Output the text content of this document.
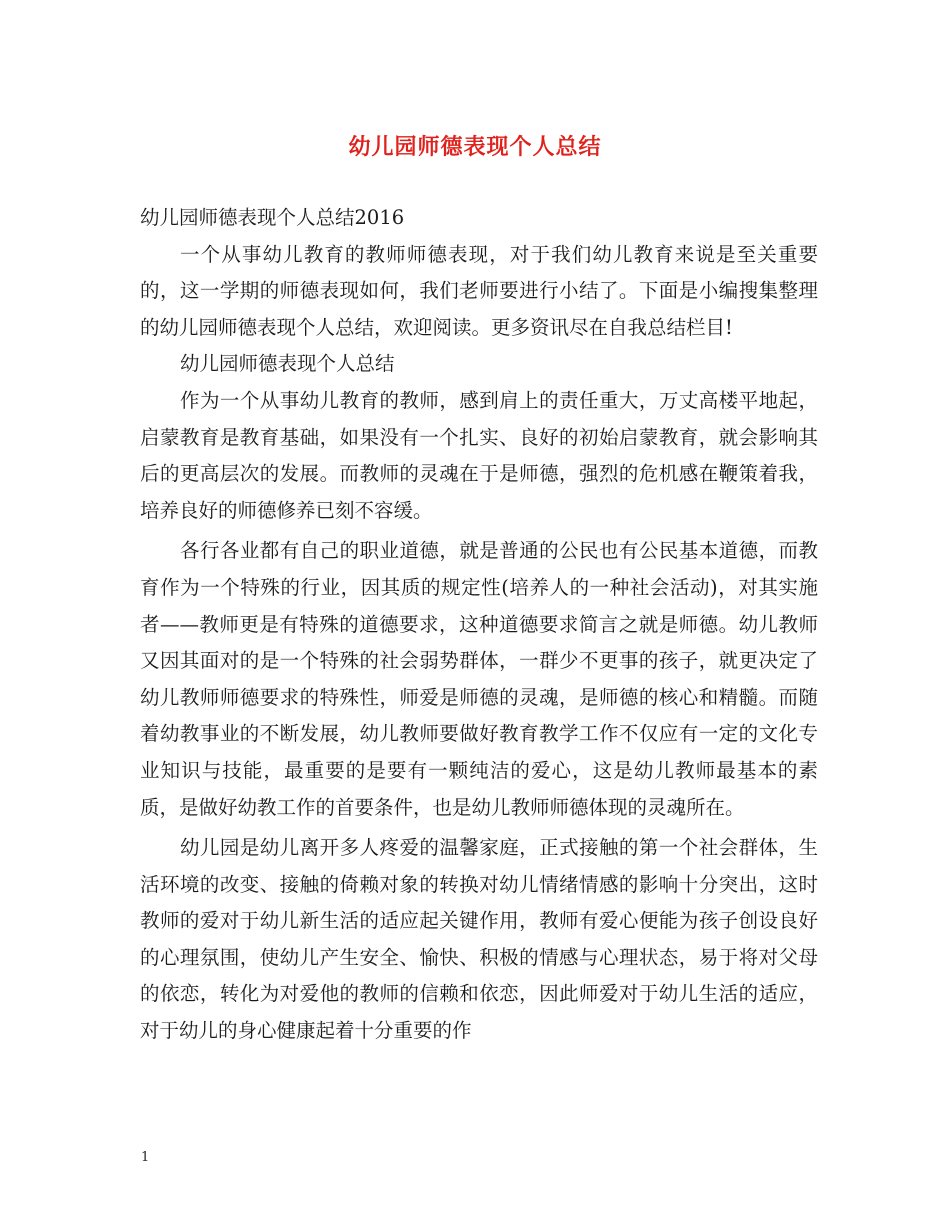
幼儿园师德表现个人总结

幼儿园师德表现个人总结2016

一个从事幼儿教育的教师师德表现，对于我们幼儿教育来说是至关重要的，这一学期的师德表现如何，我们老师要进行小结了。下面是小编搜集整理的幼儿园师德表现个人总结，欢迎阅读。更多资讯尽在自我总结栏目!

幼儿园师德表现个人总结

作为一个从事幼儿教育的教师，感到肩上的责任重大，万丈高楼平地起，启蒙教育是教育基础，如果没有一个扎实、良好的初始启蒙教育，就会影响其后的更高层次的发展。而教师的灵魂在于是师德，强烈的危机感在鞭策着我，培养良好的师德修养已刻不容缓。

各行各业都有自己的职业道德，就是普通的公民也有公民基本道德，而教育作为一个特殊的行业，因其质的规定性(培养人的一种社会活动)，对其实施者——教师更是有特殊的道德要求，这种道德要求简言之就是师德。幼儿教师又因其面对的是一个特殊的社会弱势群体，一群少不更事的孩子，就更决定了幼儿教师师德要求的特殊性，师爱是师德的灵魂，是师德的核心和精髓。而随着幼教事业的不断发展，幼儿教师要做好教育教学工作不仅应有一定的文化专业知识与技能，最重要的是要有一颗纯洁的爱心，这是幼儿教师最基本的素质，是做好幼教工作的首要条件，也是幼儿教师师德体现的灵魂所在。

幼儿园是幼儿离开多人疼爱的温馨家庭，正式接触的第一个社会群体，生活环境的改变、接触的倚赖对象的转换对幼儿情绪情感的影响十分突出，这时教师的爱对于幼儿新生活的适应起关键作用，教师有爱心便能为孩子创设良好的心理氛围，使幼儿产生安全、愉快、积极的情感与心理状态，易于将对父母的依恋，转化为对爱他的教师的信赖和依恋，因此师爱对于幼儿生活的适应，对于幼儿的身心健康起着十分重要的作

1
